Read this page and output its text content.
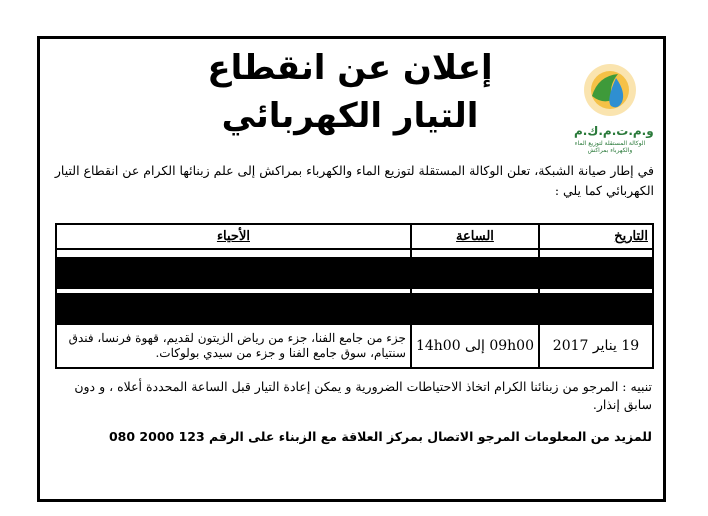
إعلان عن انقطاع
التيار الكهربائي	و.م.ت.م.ك.م
الوكالة المستقلة لتوزيع الماء
والكهرباء بمراكش
في إطار صيانة الشبكة، تعلن الوكالة المستقلة لتوزيع الماء والكهرباء بمراكش إلى علم زبنائها الكرام عن انقطاع التيار الكهربائي كما يلي :
التاريخ	الساعة	الأحياء

19 يناير 2017	09h00 إلى 14h00	جزء من جامع الفنا، جزء من رياض الزيتون لقديم، قهوة فرنسا، فندق سنتيام، سوق جامع الفنا و جزء من سيدي بولوكات.
تنبيه : المرجو من زبنائنا الكرام اتخاذ الاحتياطات الضرورية و يمكن إعادة التيار قبل الساعة المحددة أعلاه ، و دون سابق إنذار.
للمزيد من المعلومات المرجو الاتصال بمركز العلاقة مع الزبناء على الرقم 123 2000 080
